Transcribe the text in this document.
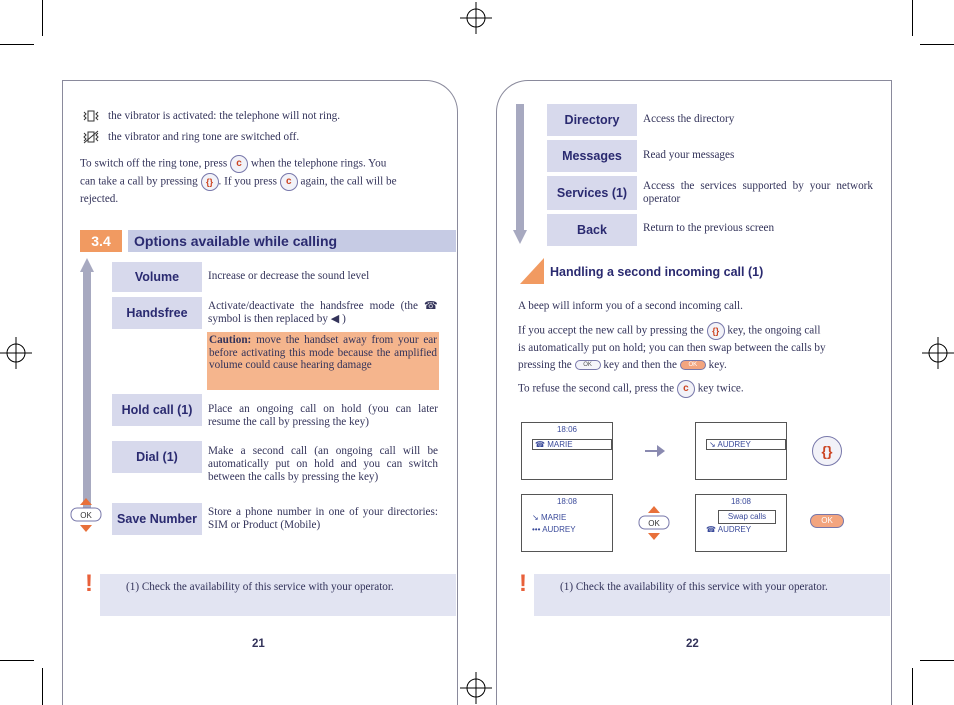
the vibrator is activated: the telephone will not ring.
the vibrator and ring tone are switched off.
To switch off the ring tone, press c when the telephone rings. You
can take a call by pressing {} . If you press c again, the call will be
rejected.
3.4	Options available while calling
OK
Volume	Increase or decrease the sound level
Handsfree	Activate/deactivate the handsfree mode (the ☎ symbol is then replaced by ◀ )
Caution: move the handset away from your ear before activating this mode because the amplified volume could cause hearing damage
Hold call (1)	Place an ongoing call on hold (you can later resume the call by pressing the key)
Dial (1)	Make a second call (an ongoing call will be automatically put on hold and you can switch between the calls by pressing the key)
Save Number Store a phone number in one of your directories: SIM or Product (Mobile)
!	(1) Check the availability of this service with your operator.
21
Directory	Access the directory
Messages	Read your messages
Services (1)	Access the services supported by your network operator
Back	Return to the previous screen
Handling a second incoming call (1)
A beep will inform you of a second incoming call.
If you accept the new call by pressing the {} key, the ongoing call
is automatically put on hold; you can then swap between the calls by
pressing the OK key and then the OK key.
To refuse the second call, press the c key twice.
18:06
☎ MARIE	↘ AUDREY	{}
18:08
↘ MARIE
••• AUDREY
OK
18:08
Swap calls
☎ AUDREY
OK
!	(1) Check the availability of this service with your operator.
22
